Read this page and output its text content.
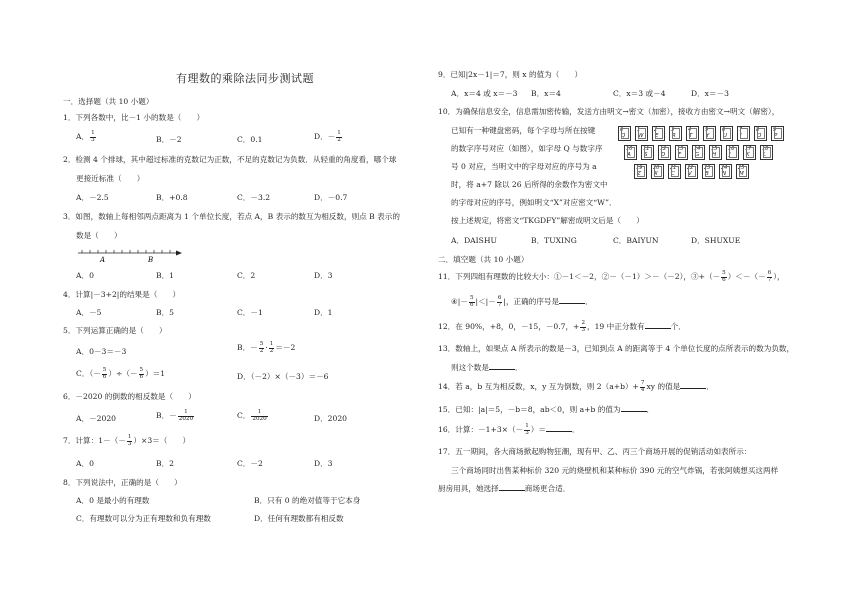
有理数的乘除法同步测试题
一．选择题（共 10 小题）
1．下列各数中，比－1 小的数是（　　）
A． $\frac{1}{3}$	B．－2	C．0.1	D．－ $\frac{1}{2}$
2．检测 4 个排球，其中超过标准的克数记为正数，不足的克数记为负数．从轻重的角度看，哪个球
更接近标准（　　）
A．－2.5	B．+0.8	C．－3.2	D．－0.7
3．如图，数轴上每相邻两点距离为 1 个单位长度，若点 A，B 表示的数互为相反数，则点 B 表示的
数是（　　）
A	B
A．0	B．1	C．2	D．3
4．计算|－3+2|的结果是（　　）
A．－5	B．5	C．－1	D．1
5．下列运算正确的是（　　）
A．0－3＝－3	B．－ $\frac{5}{2} \cdot \frac{1}{2} =-2$
C．（－ $\frac{5}{6}$ ）÷（－ $\frac{5}{6} )=1$	D．（－2）×（－3）＝－6
6．－2020 的倒数的相反数是（　　）
A．－2020	B．－ $\frac{1}{2020}$	C． $\frac{1}{2020}$	D．2020
7．计算：$1-(- \frac{1}{3} )\times 3=$（　　）
A．0	B．2	C．－2	D．3
8．下列说法中，正确的是（　　）
A．0 是最小的有理数	B．只有 0 的绝对值等于它本身
C．有理数可以分为正有理数和负有理数	D．任何有理数都有相反数
9．已知|2x－1|＝7，则 x 的值为（　　）
A．x＝4 或 x＝－3 B．x＝4	C．x＝3 或－4	D．x＝－3
10．为确保信息安全，信息需加密传输，发送方由明文→密文（加密），接收方由密文→明文（解密），
已知有一种键盘密码，每个字母与所在按键
的数字序号对应（如图），如字母 Q 与数字序
号 0 对应，当明文中的字母对应的序号为 a
时，将 a+7 除以 26 后所得的余数作为密文中
的字母对应的序号，例如明文“X”对应密文“W”．
按上述规定，将密文“TKGDFY”解密成明文后是（　　）
0
Q
1
W
2
E
3
R
4
T
5
Y
6
U
7
I
8
O
9
P
10
A
11
S
12
D
13
F
14
G
15
H
16
J
17
K
18
L
19
Z
20
X
21
C
22
V
23
B
24
N
25
M
A．DAISHU	B．TUXING	C．BAIYUN	D．SHUXUE
二．填空题（共 10 小题）
11．下列四组有理数的比较大小：①－1＜－2，②－（－1）＞－（－2），③+（－ $\frac{5}{6}$ ）＜－（－ $\frac{6}{7}$ ），
④|－ $\frac{5}{6}$ |＜|－ $\frac{6}{7}$ |，正确的序号是	．
12．在 90%，+8，0，－15，－0.7，+ $\frac{2}{3}$ ，19 中正分数有	个．
13．数轴上，如果点 A 所表示的数是－3，已知到点 A 的距离等于 4 个单位长度的点所表示的数为负数，
则这个数是	．
14．若 a，b 互为相反数，x，y 互为倒数，则 $2(a+b)+ \frac{7}{4}$ xy 的值是	．
15．已知：|a|＝5，－b＝8，ab＜0，则 a+b 的值为	．
16．计算：$-1+3\times(- \frac{1}{3}$ ）＝	．
17．五一期间，各大商场掀起购物狂潮，现有甲、乙、丙三个商场开展的促销活动如表所示：
三个商场同时出售某种标价 320 元的烧壁机和某种标价 390 元的空气炸锅，若张阿姨想买这两样
厨房用具，她选择	商场更合适．
